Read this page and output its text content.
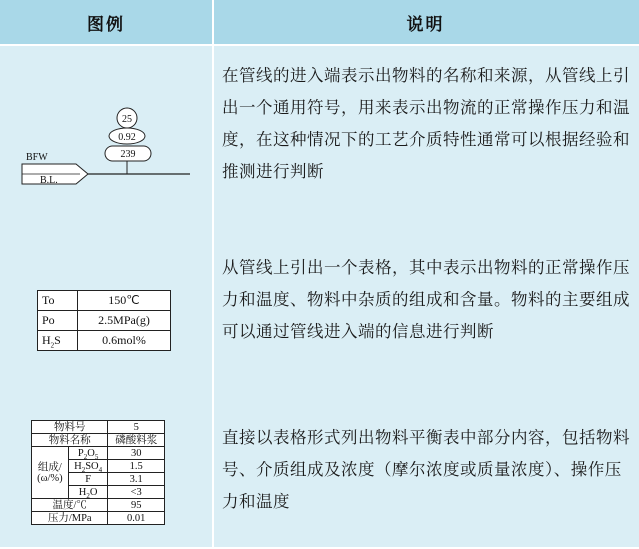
图例	说明
25
0.92
239
BFW
B.L.
在管线的进入端表示出物料的名称和来源，从管线上引出一个通用符号，用来表示出物流的正常操作压力和温度，在这种情况下的工艺介质特性通常可以根据经验和推测进行判断
To	150℃
Po	2.5MPa(g)
$H_2S$	0.6mol%
从管线上引出一个表格，其中表示出物料的正常操作压力和温度、物料中杂质的组成和含量。物料的主要组成可以通过管线进入端的信息进行判断
物料号		5
物料名称		磷酸料浆

组成/
(ω/%)	$P_2O_5$	30
	$H_2SO_4$	1.5
	F	3.1
	$H_2O$	<3
温度/℃		95
压力/MPa		0.01
直接以表格形式列出物料平衡表中部分内容，包括物料号、介质组成及浓度（摩尔浓度或质量浓度）、操作压力和温度
